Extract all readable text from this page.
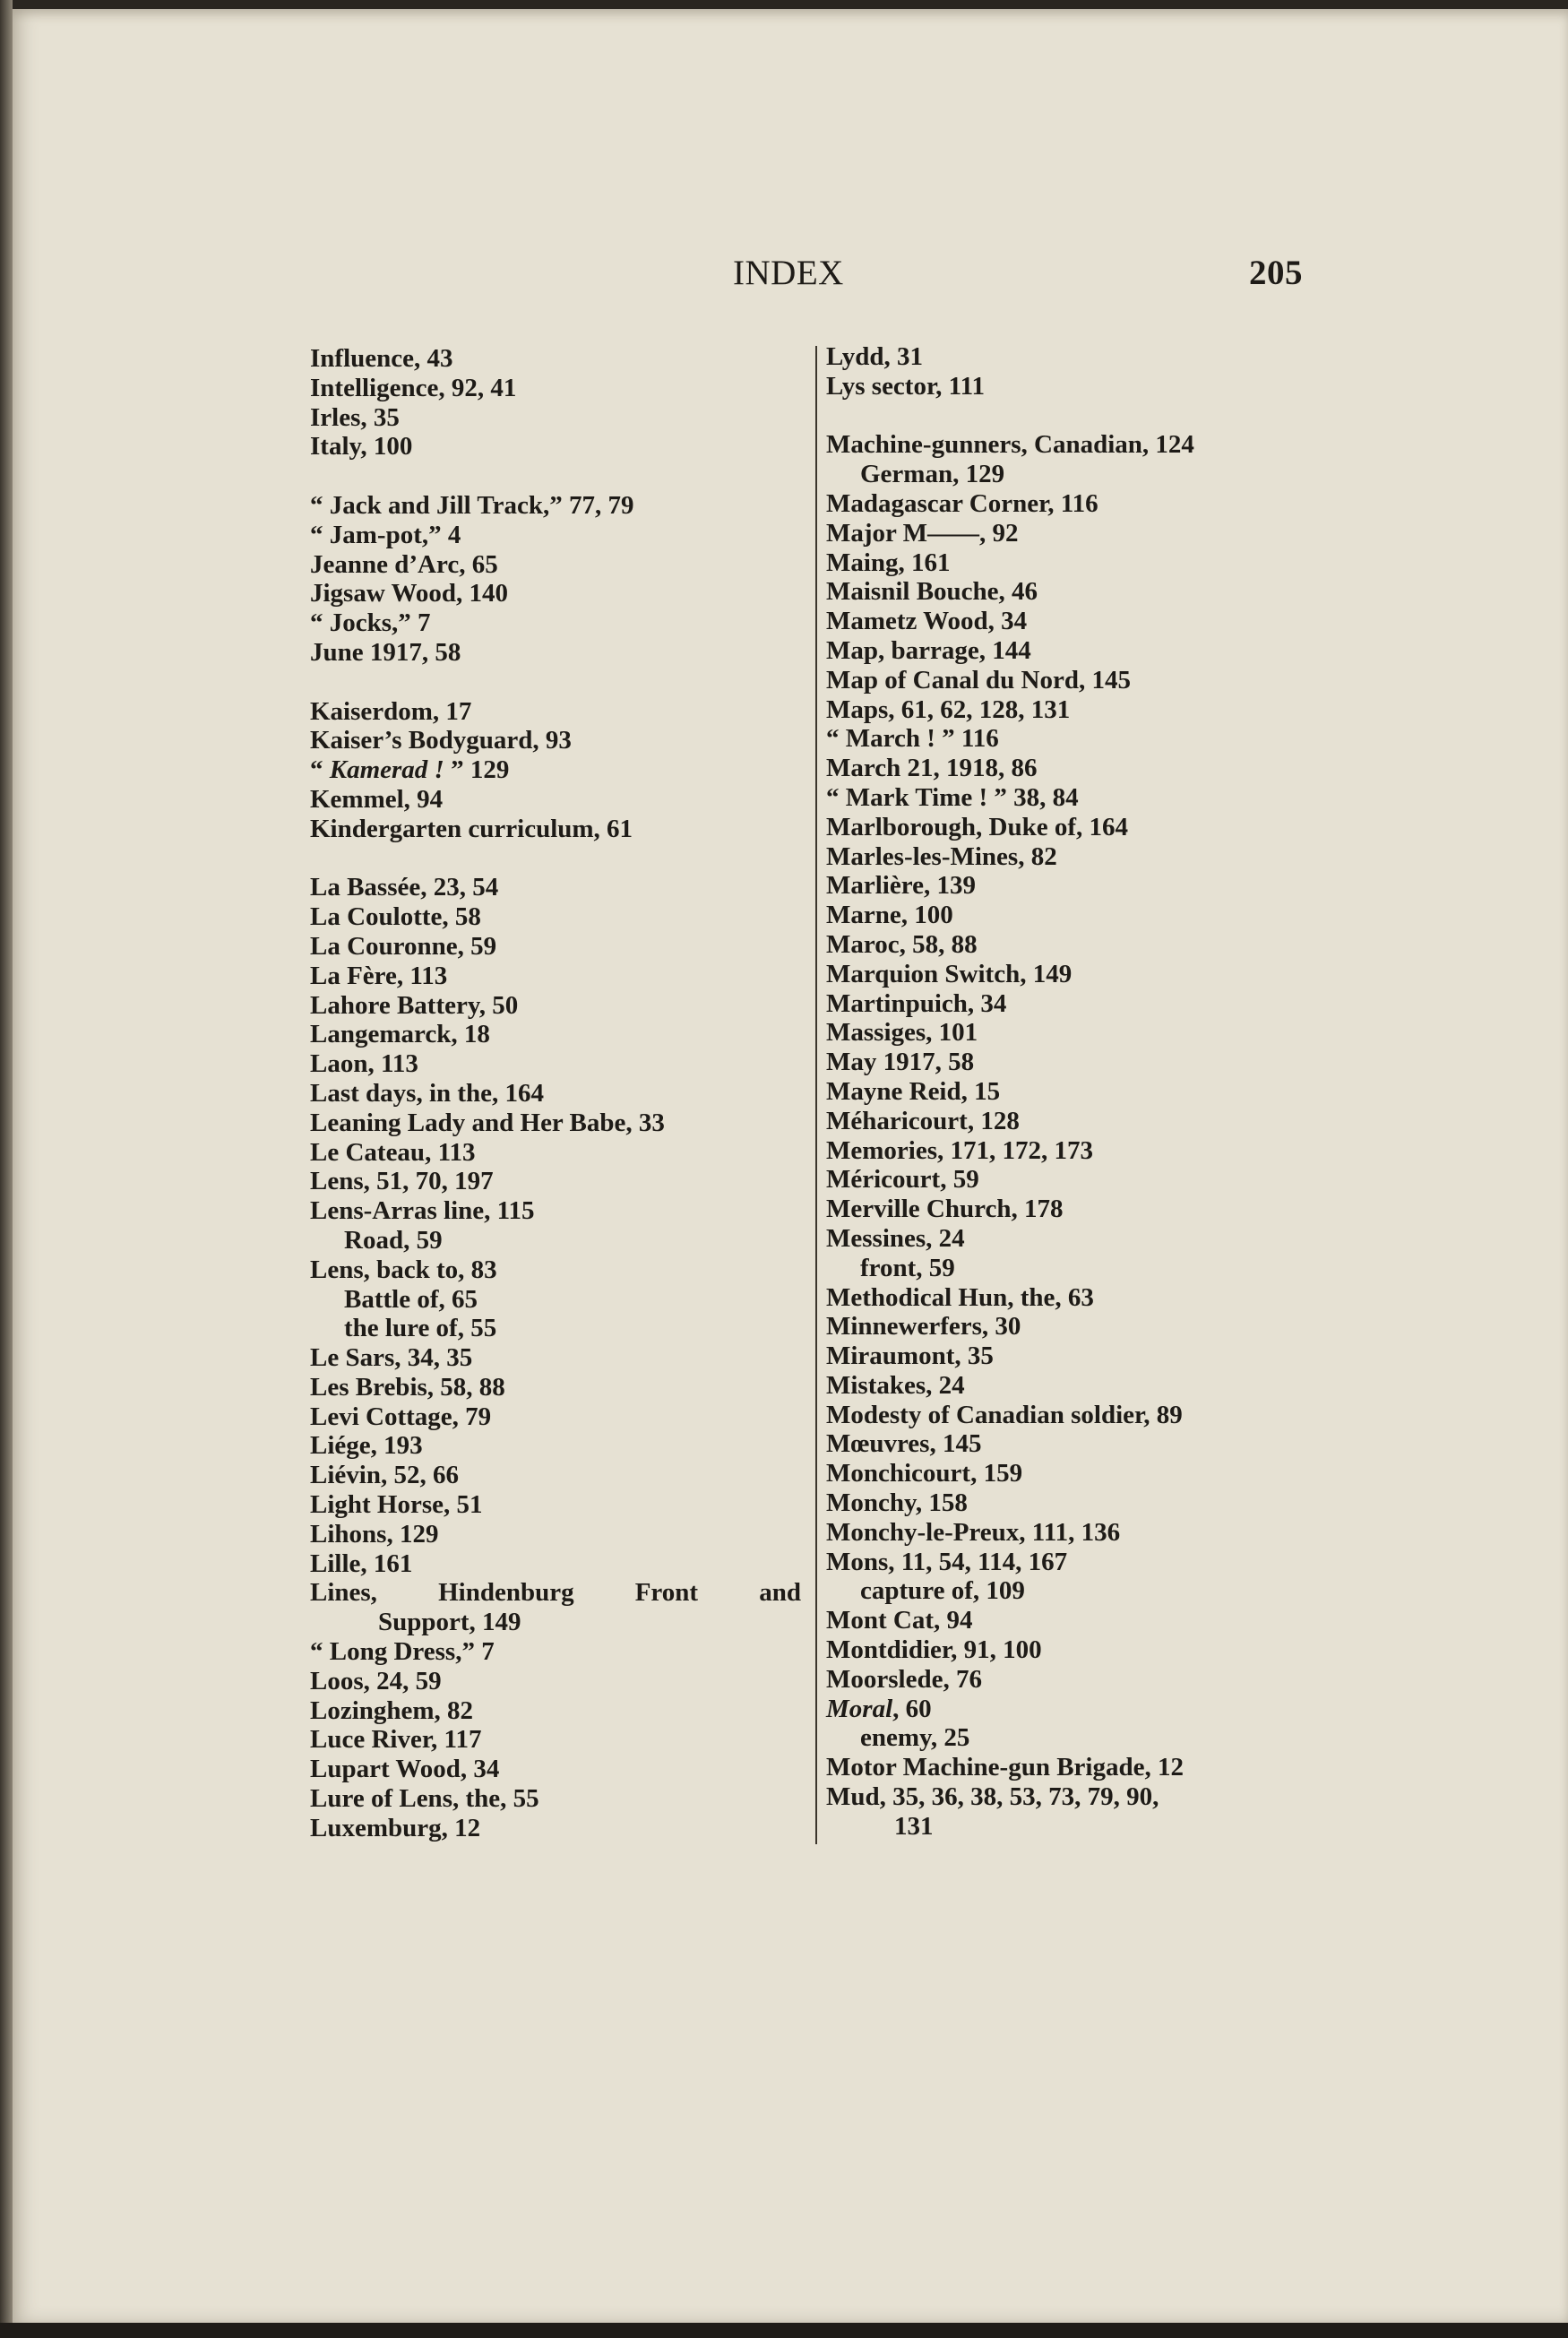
INDEX	205
Influence, 43
Intelligence, 92, 41
Irles, 35
Italy, 100
“ Jack and Jill Track,” 77, 79
“ Jam-pot,” 4
Jeanne d’Arc, 65
Jigsaw Wood, 140
“ Jocks,” 7
June 1917, 58
Kaiserdom, 17
Kaiser’s Bodyguard, 93
“ Kamerad ! ” 129
Kemmel, 94
Kindergarten curriculum, 61
La Bassée, 23, 54
La Coulotte, 58
La Couronne, 59
La Fère, 113
Lahore Battery, 50
Langemarck, 18
Laon, 113
Last days, in the, 164
Leaning Lady and Her Babe, 33
Le Cateau, 113
Lens, 51, 70, 197
Lens-Arras line, 115
Road, 59
Lens, back to, 83
Battle of, 65
the lure of, 55
Le Sars, 34, 35
Les Brebis, 58, 88
Levi Cottage, 79
Liége, 193
Liévin, 52, 66
Light Horse, 51
Lihons, 129
Lille, 161
Lines, Hindenburg Front and
Support, 149
“ Long Dress,” 7
Loos, 24, 59
Lozinghem, 82
Luce River, 117
Lupart Wood, 34
Lure of Lens, the, 55
Luxemburg, 12
Lydd, 31
Lys sector, 111
Machine-gunners, Canadian, 124
German, 129
Madagascar Corner, 116
Major M——, 92
Maing, 161
Maisnil Bouche, 46
Mametz Wood, 34
Map, barrage, 144
Map of Canal du Nord, 145
Maps, 61, 62, 128, 131
“ March ! ” 116
March 21, 1918, 86
“ Mark Time ! ” 38, 84
Marlborough, Duke of, 164
Marles-les-Mines, 82
Marlière, 139
Marne, 100
Maroc, 58, 88
Marquion Switch, 149
Martinpuich, 34
Massiges, 101
May 1917, 58
Mayne Reid, 15
Méharicourt, 128
Memories, 171, 172, 173
Méricourt, 59
Merville Church, 178
Messines, 24
front, 59
Methodical Hun, the, 63
Minnewerfers, 30
Miraumont, 35
Mistakes, 24
Modesty of Canadian soldier, 89
Mœuvres, 145
Monchicourt, 159
Monchy, 158
Monchy-le-Preux, 111, 136
Mons, 11, 54, 114, 167
capture of, 109
Mont Cat, 94
Montdidier, 91, 100
Moorslede, 76
Moral, 60
enemy, 25
Motor Machine-gun Brigade, 12
Mud, 35, 36, 38, 53, 73, 79, 90,
131
